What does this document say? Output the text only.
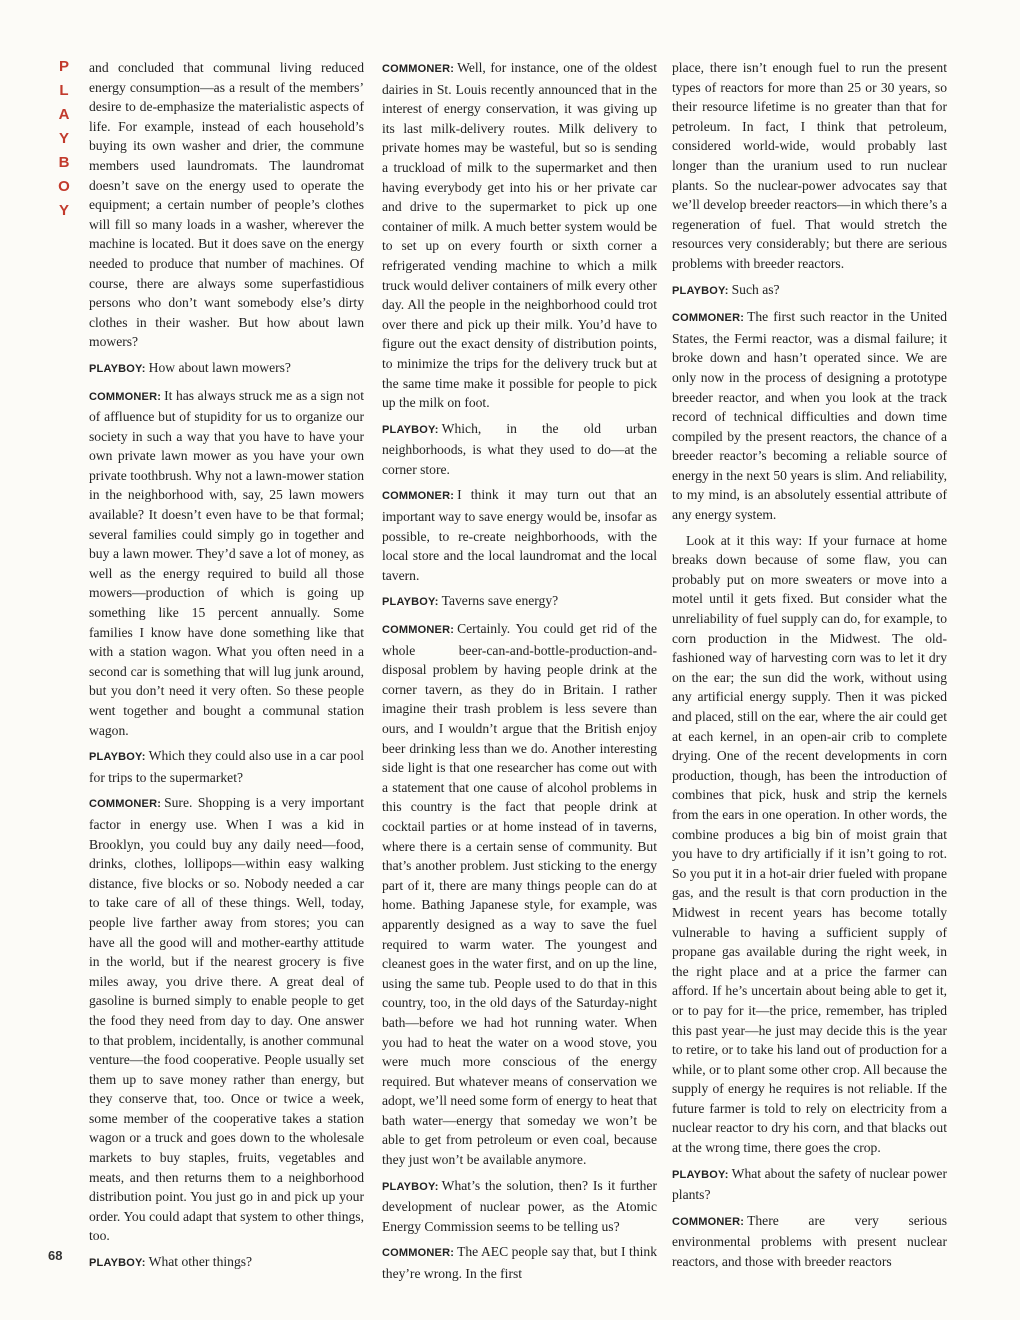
P
L
A
Y
B
O
Y
68

and concluded that communal living reduced energy consumption—as a result of the members’ desire to de-emphasize the materialistic aspects of life. For example, instead of each household’s buying its own washer and drier, the commune members used laundromats. The laundromat doesn’t save on the energy used to operate the equipment; a certain number of people’s clothes will fill so many loads in a washer, wherever the machine is located. But it does save on the energy needed to produce that number of machines. Of course, there are always some superfastidious persons who don’t want somebody else’s dirty clothes in their washer. But how about lawn mowers?

PLAYBOY: How about lawn mowers?

COMMONER: It has always struck me as a sign not of affluence but of stupidity for us to organize our society in such a way that you have to have your own private lawn mower as you have your own private toothbrush. Why not a lawn-mower station in the neighborhood with, say, 25 lawn mowers available? It doesn’t even have to be that formal; several families could simply go in together and buy a lawn mower. They’d save a lot of money, as well as the energy required to build all those mowers—production of which is going up something like 15 percent annually. Some families I know have done something like that with a station wagon. What you often need in a second car is something that will lug junk around, but you don’t need it very often. So these people went together and bought a communal station wagon.

PLAYBOY: Which they could also use in a car pool for trips to the supermarket?

COMMONER: Sure. Shopping is a very important factor in energy use. When I was a kid in Brooklyn, you could buy any daily need—food, drinks, clothes, lollipops—within easy walking distance, five blocks or so. Nobody needed a car to take care of all of these things. Well, today, people live farther away from stores; you can have all the good will and mother-earthy attitude in the world, but if the nearest grocery is five miles away, you drive there. A great deal of gasoline is burned simply to enable people to get the food they need from day to day. One answer to that problem, incidentally, is another communal venture—the food cooperative. People usually set them up to save money rather than energy, but they conserve that, too. Once or twice a week, some member of the cooperative takes a station wagon or a truck and goes down to the wholesale markets to buy staples, fruits, vegetables and meats, and then returns them to a neighborhood distribution point. You just go in and pick up your order. You could adapt that system to other things, too.

PLAYBOY: What other things?

COMMONER: Well, for instance, one of the oldest dairies in St. Louis recently announced that in the interest of energy conservation, it was giving up its last milk-delivery routes. Milk delivery to private homes may be wasteful, but so is sending a truckload of milk to the supermarket and then having everybody get into his or her private car and drive to the supermarket to pick up one container of milk. A much better system would be to set up on every fourth or sixth corner a refrigerated vending machine to which a milk truck would deliver containers of milk every other day. All the people in the neighborhood could trot over there and pick up their milk. You’d have to figure out the exact density of distribution points, to minimize the trips for the delivery truck but at the same time make it possible for people to pick up the milk on foot.

PLAYBOY: Which, in the old urban neighborhoods, is what they used to do—at the corner store.

COMMONER: I think it may turn out that an important way to save energy would be, insofar as possible, to re-create neighborhoods, with the local store and the local laundromat and the local tavern.

PLAYBOY: Taverns save energy?

COMMONER: Certainly. You could get rid of the whole beer-can-and-bottle-production-and-disposal problem by having people drink at the corner tavern, as they do in Britain. I rather imagine their trash problem is less severe than ours, and I wouldn’t argue that the British enjoy beer drinking less than we do. Another interesting side light is that one researcher has come out with a statement that one cause of alcohol problems in this country is the fact that people drink at cocktail parties or at home instead of in taverns, where there is a certain sense of community. But that’s another problem. Just sticking to the energy part of it, there are many things people can do at home. Bathing Japanese style, for example, was apparently designed as a way to save the fuel required to warm water. The youngest and cleanest goes in the water first, and on up the line, using the same tub. People used to do that in this country, too, in the old days of the Saturday-night bath—before we had hot running water. When you had to heat the water on a wood stove, you were much more conscious of the energy required. But whatever means of conservation we adopt, we’ll need some form of energy to heat that bath water—energy that someday we won’t be able to get from petroleum or even coal, because they just won’t be available anymore.

PLAYBOY: What’s the solution, then? Is it further development of nuclear power, as the Atomic Energy Commission seems to be telling us?

COMMONER: The AEC people say that, but I think they’re wrong. In the first

place, there isn’t enough fuel to run the present types of reactors for more than 25 or 30 years, so their resource lifetime is no greater than that for petroleum. In fact, I think that petroleum, considered world-wide, would probably last longer than the uranium used to run nuclear plants. So the nuclear-power advocates say that we’ll develop breeder reactors—in which there’s a regeneration of fuel. That would stretch the resources very considerably; but there are serious problems with breeder reactors.

PLAYBOY: Such as?

COMMONER: The first such reactor in the United States, the Fermi reactor, was a dismal failure; it broke down and hasn’t operated since. We are only now in the process of designing a prototype breeder reactor, and when you look at the track record of technical difficulties and down time compiled by the present reactors, the chance of a breeder reactor’s becoming a reliable source of energy in the next 50 years is slim. And reliability, to my mind, is an absolutely essential attribute of any energy system.

Look at it this way: If your furnace at home breaks down because of some flaw, you can probably put on more sweaters or move into a motel until it gets fixed. But consider what the unreliability of fuel supply can do, for example, to corn production in the Midwest. The old-fashioned way of harvesting corn was to let it dry on the ear; the sun did the work, without using any artificial energy supply. Then it was picked and placed, still on the ear, where the air could get at each kernel, in an open-air crib to complete drying. One of the recent developments in corn production, though, has been the introduction of combines that pick, husk and strip the kernels from the ears in one operation. In other words, the combine produces a big bin of moist grain that you have to dry artificially if it isn’t going to rot. So you put it in a hot-air drier fueled with propane gas, and the result is that corn production in the Midwest in recent years has become totally vulnerable to having a sufficient supply of propane gas available during the right week, in the right place and at a price the farmer can afford. If he’s uncertain about being able to get it, or to pay for it—the price, remember, has tripled this past year—he just may decide this is the year to retire, or to take his land out of production for a while, or to plant some other crop. All because the supply of energy he requires is not reliable. If the future farmer is told to rely on electricity from a nuclear reactor to dry his corn, and that blacks out at the wrong time, there goes the crop.

PLAYBOY: What about the safety of nuclear power plants?

COMMONER: There are very serious environmental problems with present nuclear reactors, and those with breeder reactors
